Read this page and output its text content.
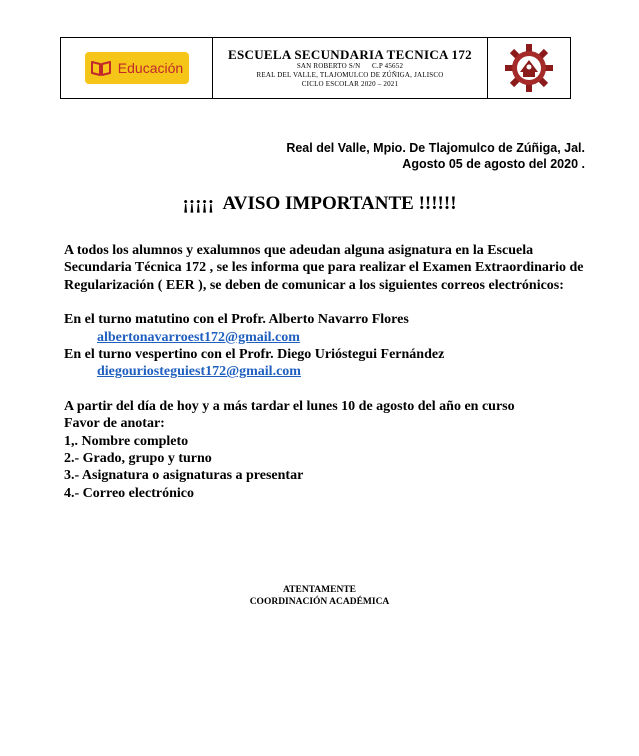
Educación
ESCUELA SECUNDARIA TECNICA 172
SAN ROBERTO S/N      C.P 45652
REAL DEL VALLE, TLAJOMULCO DE ZÚÑIGA, JALISCO
CICLO ESCOLAR 2020 – 2021
Real del Valle, Mpio. De Tlajomulco de Zúñiga, Jal.
Agosto 05 de agosto del 2020 .
¡¡¡¡¡  AVISO IMPORTANTE !!!!!!

A todos los alumnos y exalumnos que adeudan alguna asignatura en la Escuela Secundaria Técnica 172 , se les informa que para realizar el Examen Extraordinario de Regularización ( EER ), se deben de comunicar a los siguientes correos electrónicos:

En el turno matutino con el Profr. Alberto Navarro Flores

albertonavarroest172@gmail.com

En el turno vespertino con el Profr. Diego Urióstegui Fernández

diegouriosteguiest172@gmail.com

A partir del día de hoy y a más tardar el lunes 10 de agosto del año en curso

Favor de anotar:

1,. Nombre completo

2.- Grado, grupo y turno

3.- Asignatura o asignaturas a presentar

4.- Correo electrónico

ATENTAMENTE
COORDINACIÓN ACADÉMICA
